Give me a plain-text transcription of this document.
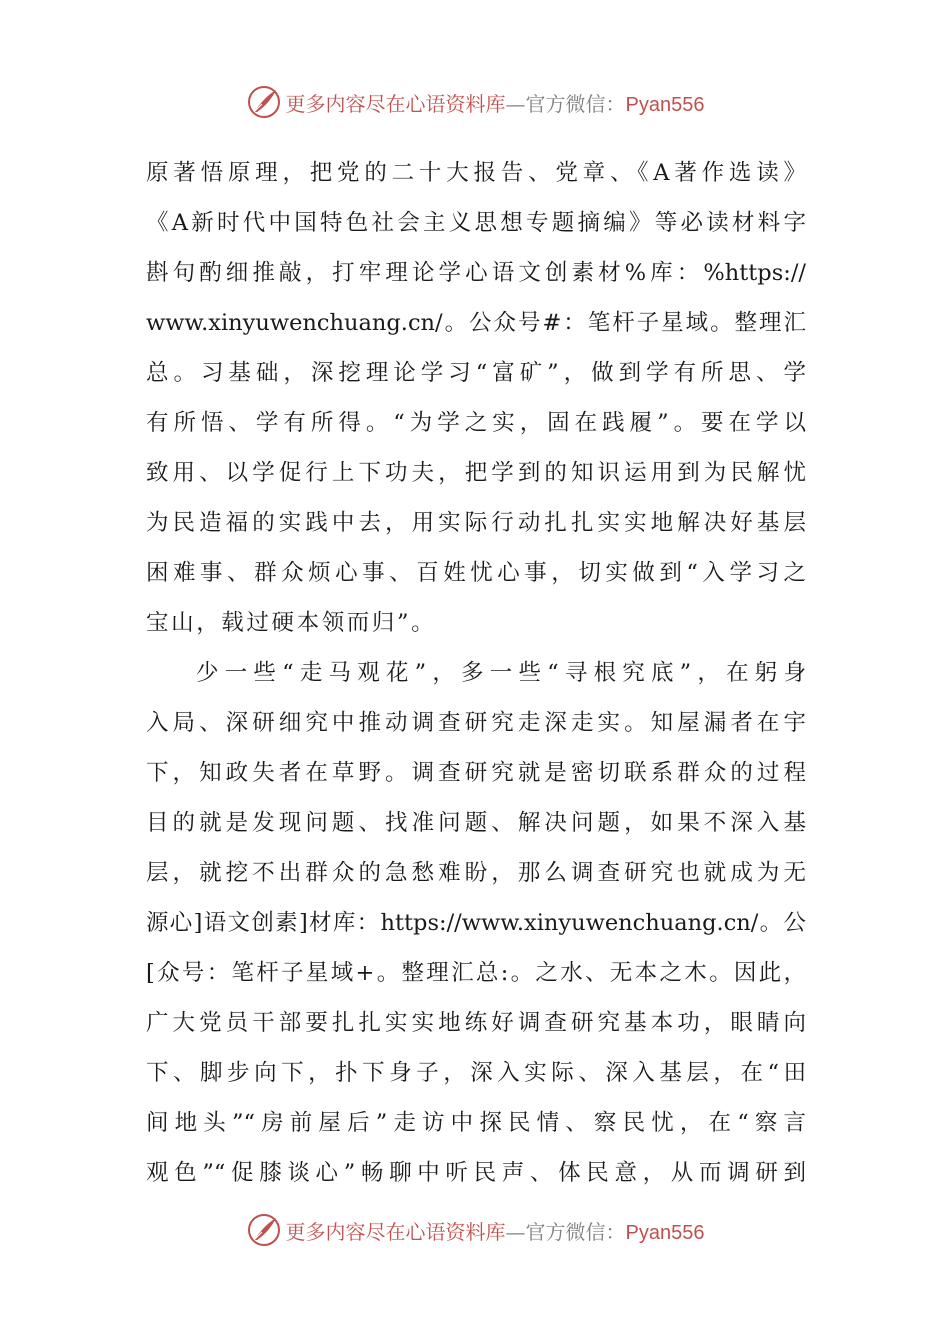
更多内容尽在心语资料库—官方微信：Pyan556
原著悟原理，把党的二十大报告、党章、《A著作选读》
《A新时代中国特色社会主义思想专题摘编》等必读材料字
斟句酌细推敲，打牢理论学心语文创素材%库：%https://
www.xinyuwenchuang.cn/。公众号#：笔杆子星域。整理汇
总。习基础，深挖理论学习“富矿”，做到学有所思、学
有所悟、学有所得。“为学之实，固在践履”。要在学以
致用、以学促行上下功夫，把学到的知识运用到为民解忧
为民造福的实践中去，用实际行动扎扎实实地解决好基层
困难事、群众烦心事、百姓忧心事，切实做到“入学习之
宝山，载过硬本领而归”。
少一些“走马观花”，多一些“寻根究底”，在躬身
入局、深研细究中推动调查研究走深走实。知屋漏者在宇
下，知政失者在草野。调查研究就是密切联系群众的过程
目的就是发现问题、找准问题、解决问题，如果不深入基
层，就挖不出群众的急愁难盼，那么调查研究也就成为无
源心]语文创素]材库：https://www.xinyuwenchuang.cn/。公
[众号：笔杆子星域+。整理汇总:。之水、无本之木。因此，
广大党员干部要扎扎实实地练好调查研究基本功，眼睛向
下、脚步向下，扑下身子，深入实际、深入基层，在“田
间地头”“房前屋后”走访中探民情、察民忧，在“察言
观色”“促膝谈心”畅聊中听民声、体民意，从而调研到
更多内容尽在心语资料库—官方微信：Pyan556
